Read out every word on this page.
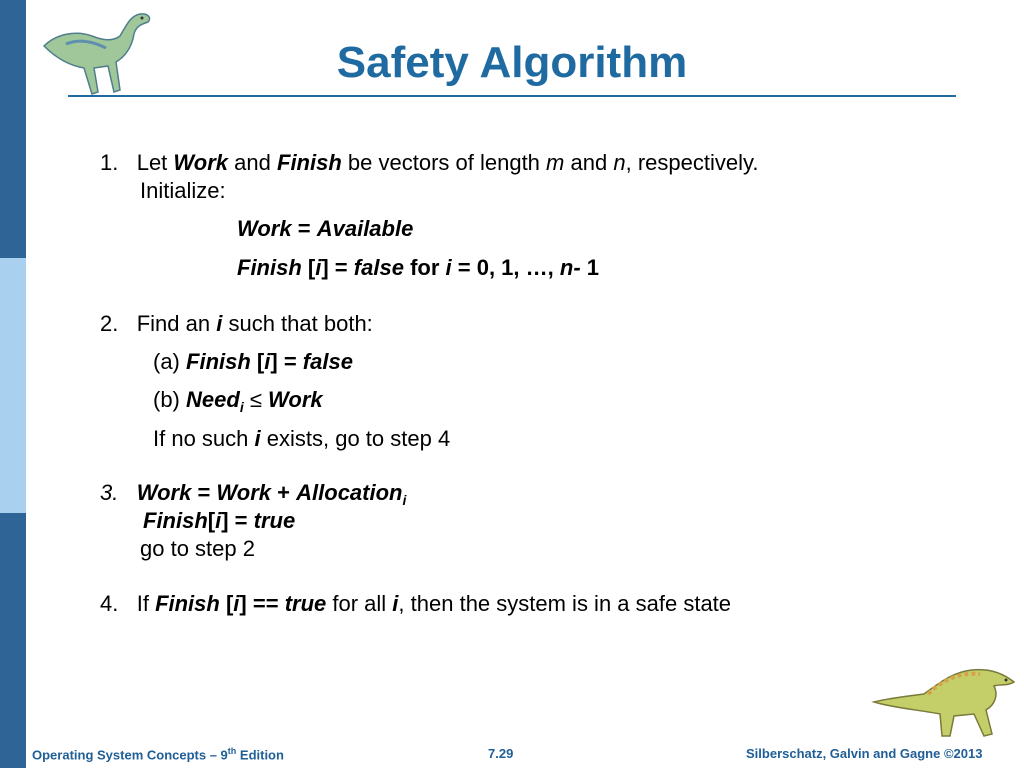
Safety Algorithm
1. Let Work and Finish be vectors of length m and n, respectively.
Initialize:
Work = Available
Finish [i] = false for i = 0, 1, …, n- 1
2. Find an i such that both:
(a) Finish [i] = false
(b) Need$_i$ ≤ Work
If no such i exists, go to step 4
3. Work = Work + Allocation$_i$
Finish[i] = true
go to step 2
4. If Finish [i] == true for all i, then the system is in a safe state
Operating System Concepts – 9th Edition	7.29	Silberschatz, Galvin and Gagne ©2013
